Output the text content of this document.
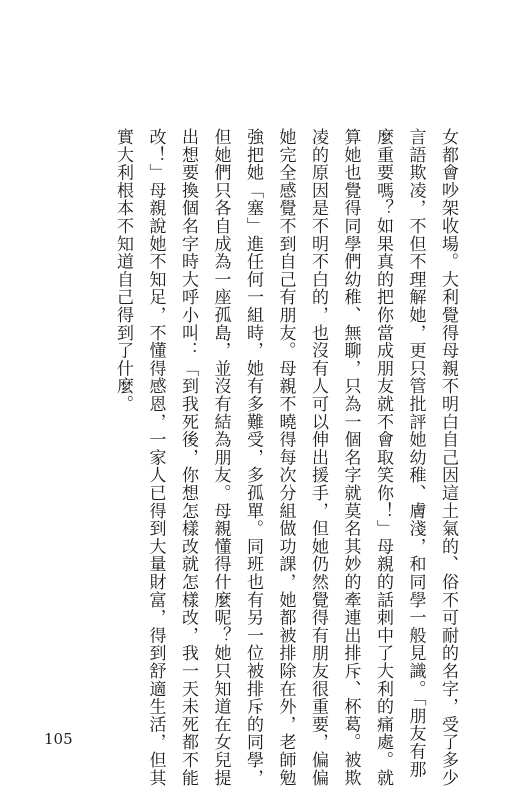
女都會吵架收場。大利覺得母親不明白自己因這土氣的、俗不可耐的名字，受了多少
言語欺凌，不但不理解她，更只管批評她幼稚、膚淺，和同學一般見識。「朋友有那
麼重要嗎？如果真的把你當成朋友就不會取笑你！」母親的話刺中了大利的痛處。就
算她也覺得同學們幼稚、無聊，只為一個名字就莫名其妙的牽連出排斥、杯葛。被欺
凌的原因是不明不白的，也沒有人可以伸出援手，但她仍然覺得有朋友很重要，偏偏
她完全感覺不到自己有朋友。母親不曉得每次分組做功課，她都被排除在外，老師勉
強把她「塞」進任何一組時，她有多難受，多孤單。同班也有另一位被排斥的同學，
但她們只各自成為一座孤島，並沒有結為朋友。母親懂得什麼呢？她只知道在女兒提
出想要換個名字時大呼小叫：「到我死後，你想怎樣改就怎樣改，我一天未死都不能
改！」母親說她不知足，不懂得感恩，一家人已得到大量財富，得到舒適生活，但其
實大利根本不知道自己得到了什麼。
105
